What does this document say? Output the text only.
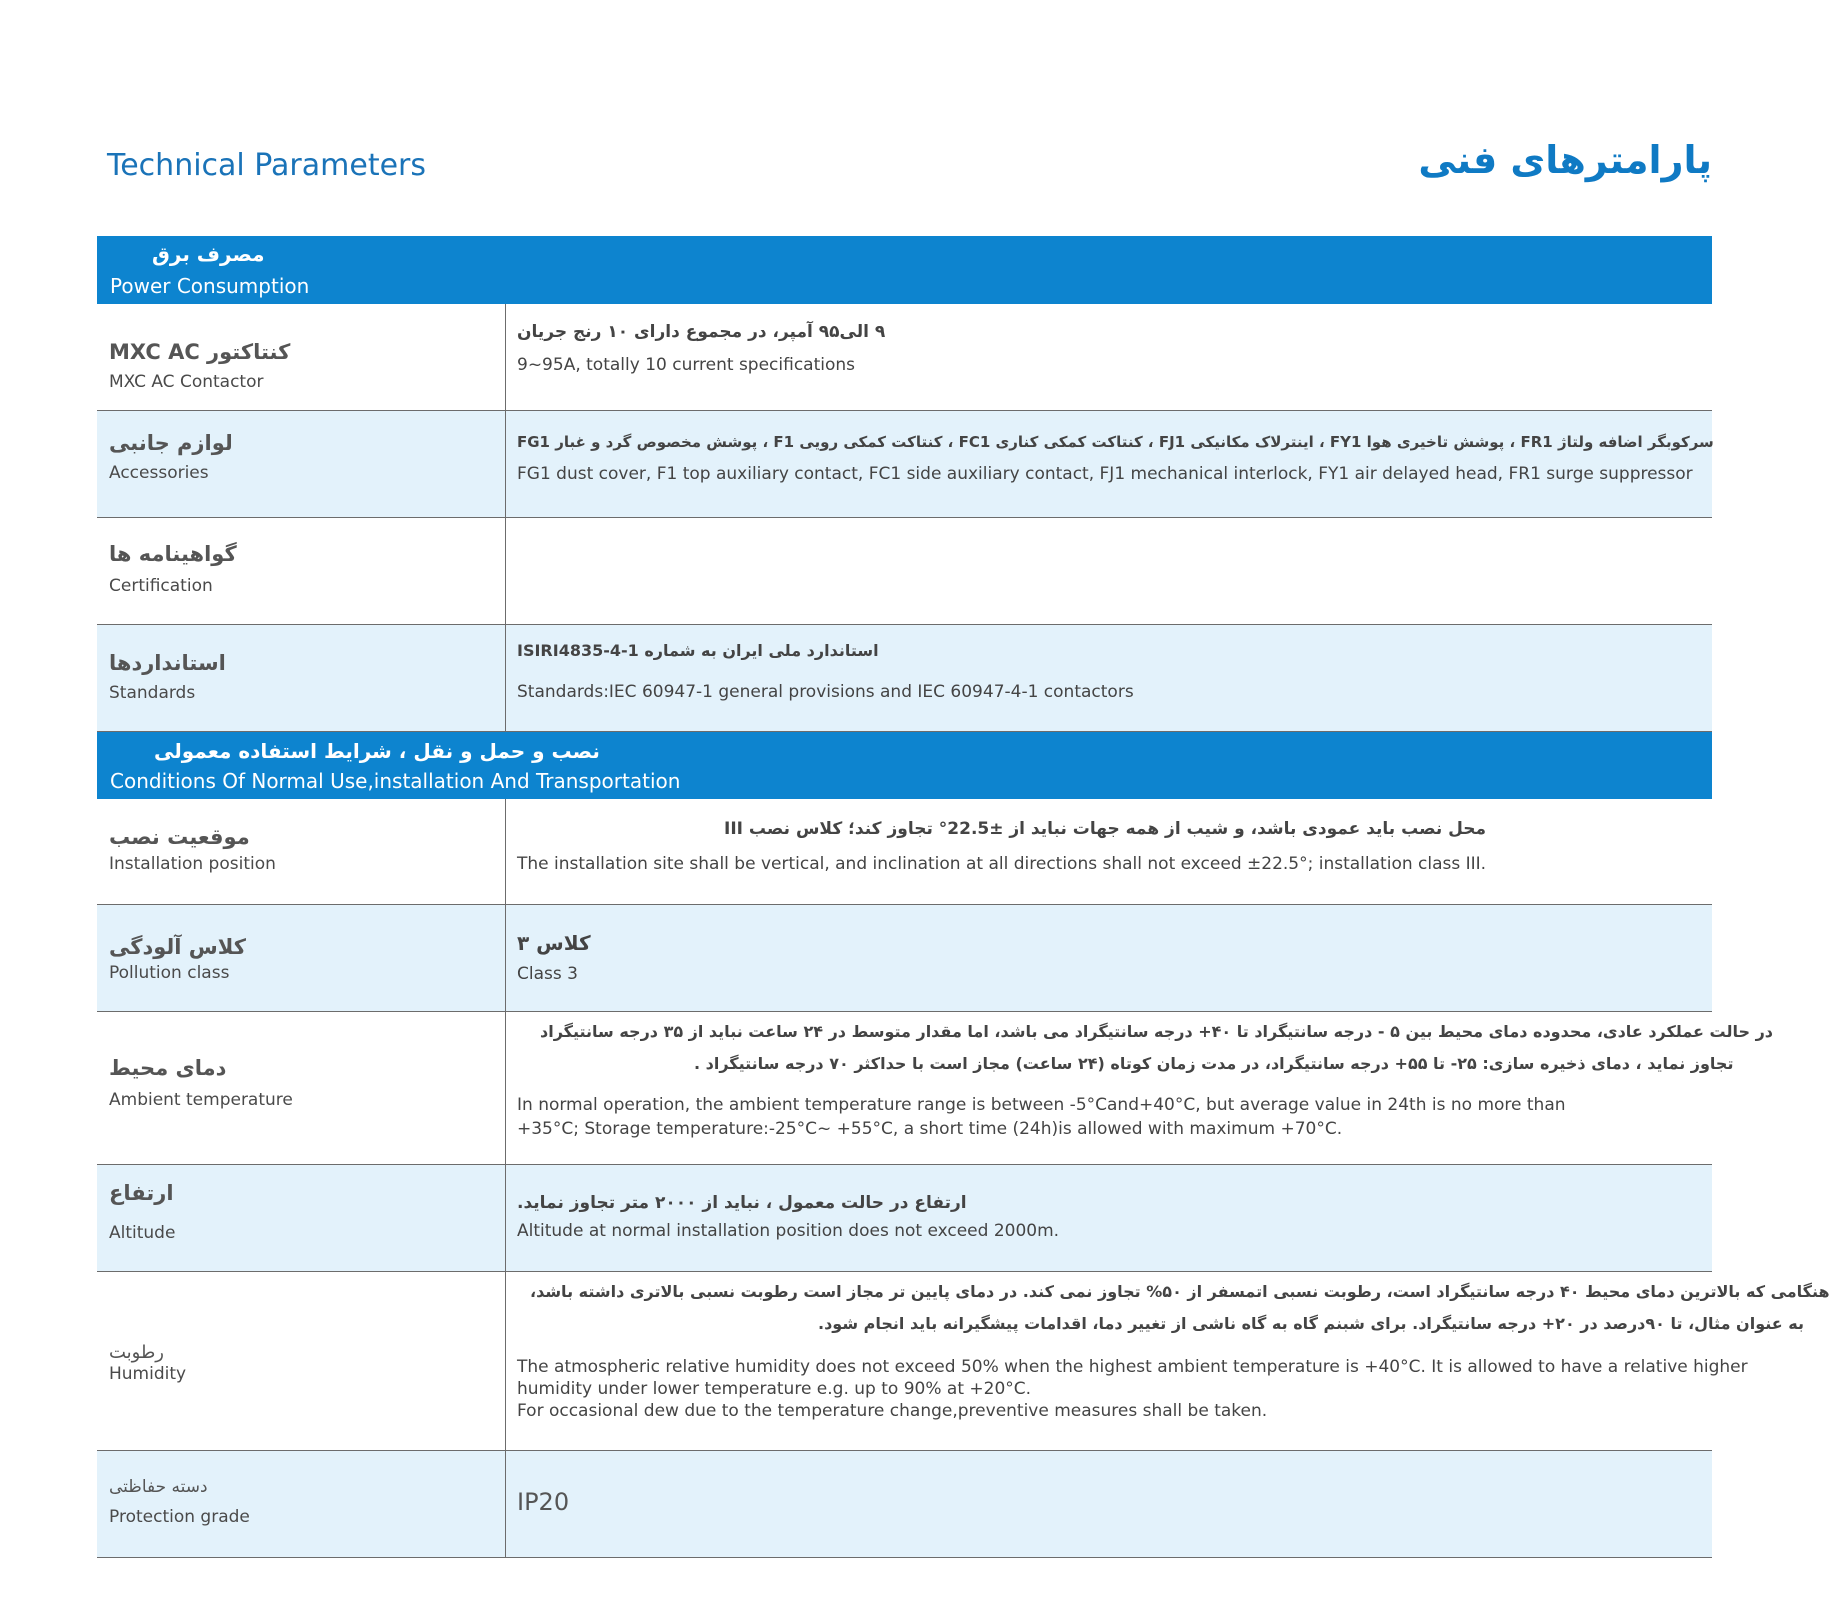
Technical Parameters	پارامترهای فنی
مصرف برق
Power Consumption
کنتاکتور MXC AC
MXC AC Contactor
۹ الی۹۵ آمپر، در مجموع دارای ۱۰ رنج جریان
9~95A, totally 10 current specifications
لوازم جانبی
Accessories
FG1 پوشش مخصوص گرد و غبار ، F1 کنتاکت کمکی رویی ، FC1 کنتاکت کمکی کناری ، FJ1 اینترلاک مکانیکی ، FY1 پوشش تاخیری هوا ، FR1 سرکوبگر اضافه ولتاژ
FG1 dust cover, F1 top auxiliary contact, FC1 side auxiliary contact, FJ1 mechanical interlock, FY1 air delayed head, FR1 surge suppressor
گواهینامه ها
Certification
استانداردها
Standards
استاندارد ملی ایران به شماره ISIRI4835-4-1
Standards:IEC 60947-1 general provisions and IEC 60947-4-1 contactors
نصب و حمل و نقل ، شرایط استفاده معمولی
Conditions Of Normal Use,installation And Transportation
موقعیت نصب
Installation position
محل نصب باید عمودی باشد، و شیب از همه جهات نباید از ±22.5° تجاوز کند؛ کلاس نصب III
The installation site shall be vertical, and inclination at all directions shall not exceed ±22.5°; installation class III.
کلاس آلودگی
Pollution class
کلاس ۳
Class 3
دمای محیط
Ambient temperature
در حالت عملکرد عادی، محدوده دمای محیط بین ۵ - درجه سانتیگراد تا ۴۰+ درجه سانتیگراد می باشد، اما مقدار متوسط در ۲۴ ساعت نباید از ۳۵ درجه سانتیگراد
تجاوز نماید ، دمای ذخیره سازی: ۲۵- تا ۵۵+ درجه سانتیگراد، در مدت زمان کوتاه (۲۴ ساعت) مجاز است با حداکثر ۷۰ درجه سانتیگراد .
In normal operation, the ambient temperature range is between -5°Cand+40°C, but average value in 24th is no more than
+35°C; Storage temperature:-25°C~ +55°C, a short time (24h)is allowed with maximum +70°C.
ارتفاع
Altitude
ارتفاع در حالت معمول ، نباید از ۲۰۰۰ متر تجاوز نماید.
Altitude at normal installation position does not exceed 2000m.
رطوبت
Humidity
هنگامی که بالاترین دمای محیط ۴۰ درجه سانتیگراد است، رطوبت نسبی اتمسفر از ۵۰% تجاوز نمی کند. در دمای پایین تر مجاز است رطوبت نسبی بالاتری داشته باشد،
به عنوان مثال، تا ۹۰درصد در ۲۰+ درجه سانتیگراد. برای شبنم گاه به گاه ناشی از تغییر دما، اقدامات پیشگیرانه باید انجام شود.
The atmospheric relative humidity does not exceed 50% when the highest ambient temperature is +40°C. It is allowed to have a relative higher
humidity under lower temperature e.g. up to 90% at +20°C.
For occasional dew due to the temperature change,preventive measures shall be taken.
دسته حفاظتی
Protection grade
IP20
